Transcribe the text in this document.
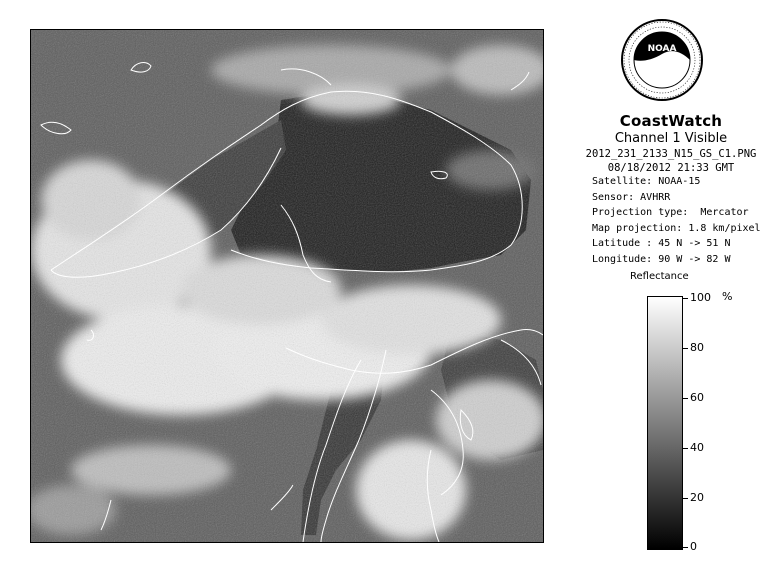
NOAA
CoastWatch
Channel 1 Visible
2012_231_2133_N15_GS_C1.PNG
08/18/2012 21:33 GMT
Satellite: NOAA-15
Sensor: AVHRR
Projection type:  Mercator
Map projection: 1.8 km/pixel
Latitude : 45 N -> 51 N
Longitude: 90 W -> 82 W
Reflectance
%
100
80
60
40
20
0
